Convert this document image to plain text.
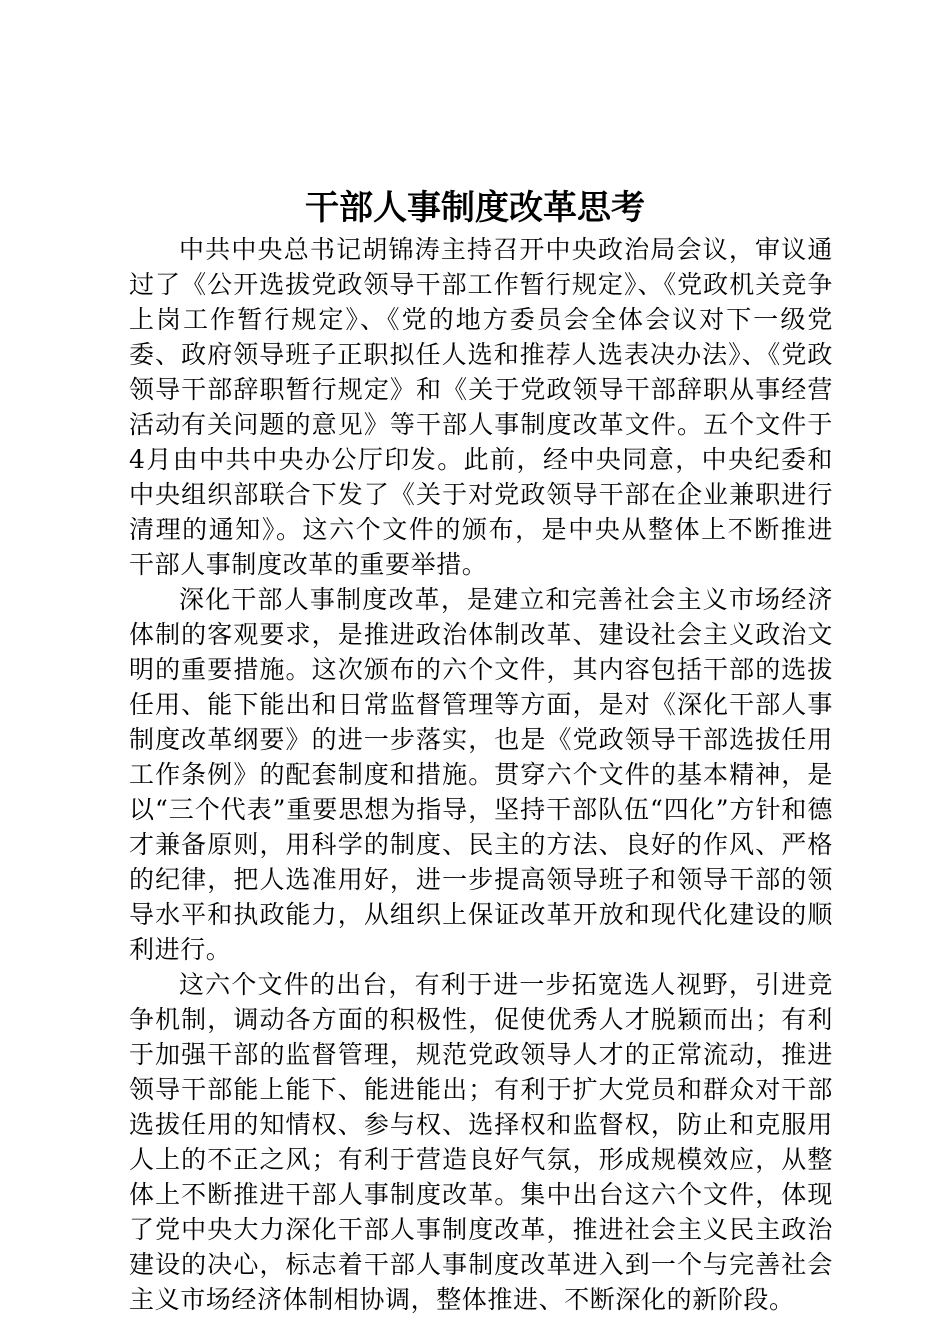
干部人事制度改革思考

中共中央总书记胡锦涛主持召开中央政治局会议，审议通过了《公开选拔党政领导干部工作暂行规定》、《党政机关竞争上岗工作暂行规定》、《党的地方委员会全体会议对下一级党委、政府领导班子正职拟任人选和推荐人选表决办法》、《党政领导干部辞职暂行规定》和《关于党政领导干部辞职从事经营活动有关问题的意见》等干部人事制度改革文件。五个文件于4月由中共中央办公厅印发。此前，经中央同意，中央纪委和中央组织部联合下发了《关于对党政领导干部在企业兼职进行清理的通知》。这六个文件的颁布，是中央从整体上不断推进干部人事制度改革的重要举措。

深化干部人事制度改革，是建立和完善社会主义市场经济体制的客观要求，是推进政治体制改革、建设社会主义政治文明的重要措施。这次颁布的六个文件，其内容包括干部的选拔任用、能下能出和日常监督管理等方面，是对《深化干部人事制度改革纲要》的进一步落实，也是《党政领导干部选拔任用工作条例》的配套制度和措施。贯穿六个文件的基本精神，是以“三个代表”重要思想为指导，坚持干部队伍“四化”方针和德才兼备原则，用科学的制度、民主的方法、良好的作风、严格的纪律，把人选准用好，进一步提高领导班子和领导干部的领导水平和执政能力，从组织上保证改革开放和现代化建设的顺利进行。

这六个文件的出台，有利于进一步拓宽选人视野，引进竞争机制，调动各方面的积极性，促使优秀人才脱颖而出；有利于加强干部的监督管理，规范党政领导人才的正常流动，推进领导干部能上能下、能进能出；有利于扩大党员和群众对干部选拔任用的知情权、参与权、选择权和监督权，防止和克服用人上的不正之风；有利于营造良好气氛，形成规模效应，从整体上不断推进干部人事制度改革。集中出台这六个文件，体现了党中央大力深化干部人事制度改革，推进社会主义民主政治建设的决心，标志着干部人事制度改革进入到一个与完善社会主义市场经济体制相协调，整体推进、不断深化的新阶段。
